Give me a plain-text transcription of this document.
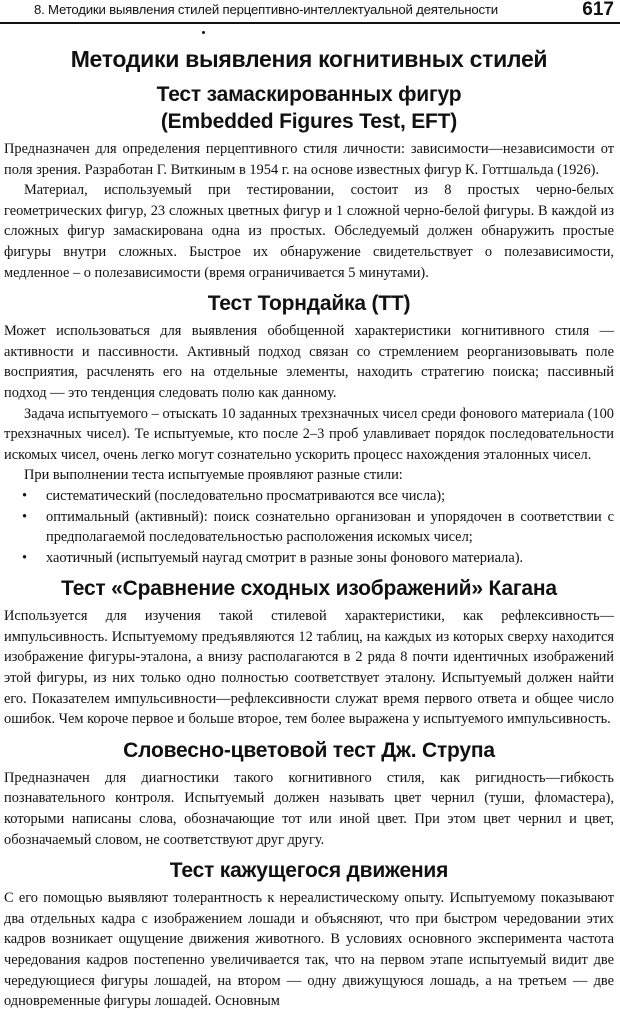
8. Методики выявления стилей перцептивно-интеллектуальной деятельности	617
Методики выявления когнитивных стилей
Тест замаскированных фигур
(Embedded Figures Test, EFT)

Предназначен для определения перцептивного стиля личности: зависимости—независимости от поля зрения. Разработан Г. Виткиным в 1954 г. на основе известных фигур К. Готтшальда (1926).

Материал, используемый при тестировании, состоит из 8 простых черно-белых геометрических фигур, 23 сложных цветных фигур и 1 сложной черно-белой фигуры. В каждой из сложных фигур замаскирована одна из простых. Обследуемый должен обнаружить простые фигуры внутри сложных. Быстрое их обнаружение свидетельствует о полезависимости, медленное – о полезависимости (время ограничивается 5 минутами).

Тест Торндайка (ТТ)

Может использоваться для выявления обобщенной характеристики когнитивного стиля — активности и пассивности. Активный подход связан со стремлением реорганизовывать поле восприятия, расчленять его на отдельные элементы, находить стратегию поиска; пассивный подход — это тенденция следовать полю как данному.

Задача испытуемого – отыскать 10 заданных трехзначных чисел среди фонового материала (100 трехзначных чисел). Те испытуемые, кто после 2–3 проб улавливает порядок последовательности искомых чисел, очень легко могут сознательно ускорить процесс нахождения эталонных чисел.

При выполнении теста испытуемые проявляют разные стили:

• систематический (последовательно просматриваются все числа);
• оптимальный (активный): поиск сознательно организован и упорядочен в соответствии с предполагаемой последовательностью расположения искомых чисел;
• хаотичный (испытуемый наугад смотрит в разные зоны фонового материала).
Тест «Сравнение сходных изображений» Кагана

Используется для изучения такой стилевой характеристики, как рефлексивность—импульсивность. Испытуемому предъявляются 12 таблиц, на каждых из которых сверху находится изображение фигуры-эталона, а внизу располагаются в 2 ряда 8 почти идентичных изображений этой фигуры, из них только одно полностью соответствует эталону. Испытуемый должен найти его. Показателем импульсивности—рефлексивности служат время первого ответа и общее число ошибок. Чем короче первое и больше второе, тем более выражена у испытуемого импульсивность.

Словесно-цветовой тест Дж. Струпа

Предназначен для диагностики такого когнитивного стиля, как ригидность—гибкость познавательного контроля. Испытуемый должен называть цвет чернил (туши, фломастера), которыми написаны слова, обозначающие тот или иной цвет. При этом цвет чернил и цвет, обозначаемый словом, не соответствуют друг другу.

Тест кажущегося движения

С его помощью выявляют толерантность к нереалистическому опыту. Испытуемому показывают два отдельных кадра с изображением лошади и объясняют, что при быстром чередовании этих кадров возникает ощущение движения животного. В условиях основного эксперимента частота чередования кадров постепенно увеличивается так, что на первом этапе испытуемый видит две чередующиеся фигуры лошадей, на втором — одну движущуюся лошадь, а на третьем — две одновременные фигуры лошадей. Основным
